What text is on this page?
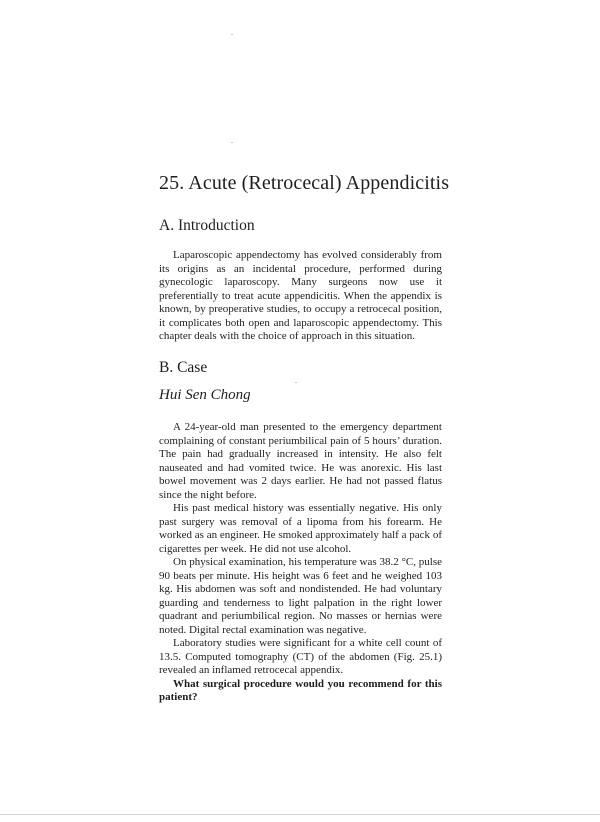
25. Acute (Retrocecal) Appendicitis
A. Introduction

Laparoscopic appendectomy has evolved considerably from its origins as an incidental procedure, performed during gynecologic laparoscopy. Many surgeons now use it preferentially to treat acute appendicitis. When the appendix is known, by preoperative studies, to occupy a retrocecal position, it complicates both open and laparoscopic appendectomy. This chapter deals with the choice of approach in this situation.

B. Case
Hui Sen Chong

A 24-year-old man presented to the emergency department complaining of constant periumbilical pain of 5 hours’ duration. The pain had gradually increased in intensity. He also felt nauseated and had vomited twice. He was anorexic. His last bowel movement was 2 days earlier. He had not passed flatus since the night before.

His past medical history was essentially negative. His only past surgery was removal of a lipoma from his forearm. He worked as an engineer. He smoked approximately half a pack of cigarettes per week. He did not use alcohol.

On physical examination, his temperature was 38.2 °C, pulse 90 beats per minute. His height was 6 feet and he weighed 103 kg. His abdomen was soft and nondistended. He had voluntary guarding and tenderness to light palpation in the right lower quadrant and periumbilical region. No masses or hernias were noted. Digital rectal examination was negative.

Laboratory studies were significant for a white cell count of 13.5. Computed tomography (CT) of the abdomen (Fig. 25.1) revealed an inflamed retrocecal appendix.

What surgical procedure would you recommend for this patient?
